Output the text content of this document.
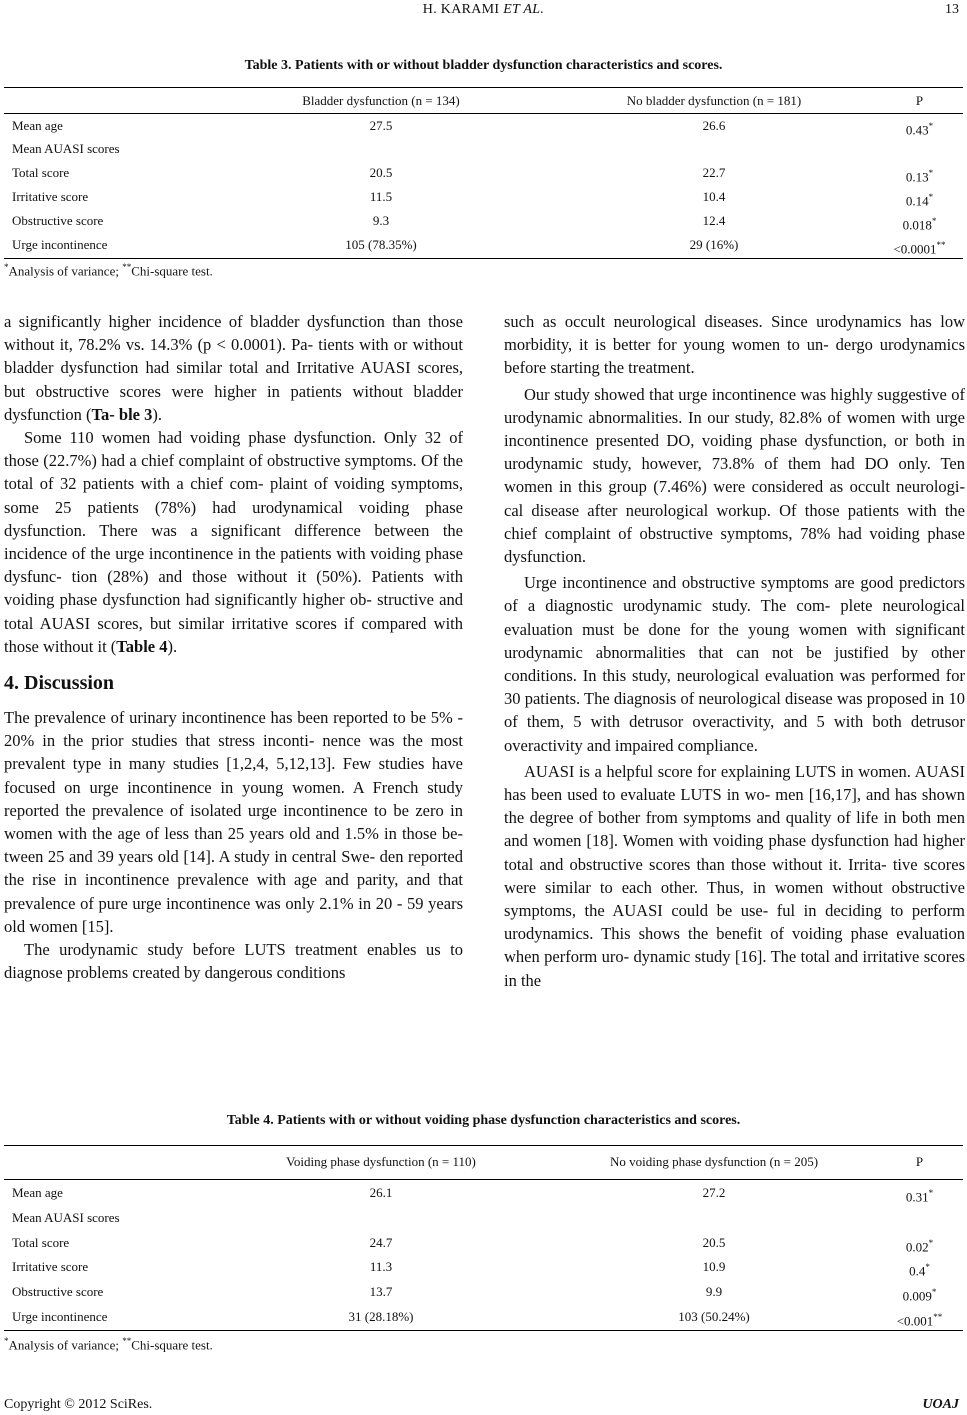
H. KARAMI ET AL.	13
Table 3. Patients with or without bladder dysfunction characteristics and scores.
Bladder dysfunction (n = 134)	No bladder dysfunction (n = 181)	P
Mean age	27.5	26.6	0.43*
Mean AUASI scores
Total score	20.5	22.7	0.13*
Irritative score	11.5	10.4	0.14*
Obstructive score	9.3	12.4	0.018*
Urge incontinence	105 (78.35%)	29 (16%)	<0.0001**
*Analysis of variance; **Chi-square test.

a significantly higher incidence of bladder dysfunction than those without it, 78.2% vs. 14.3% (p < 0.0001). Pa- tients with or without bladder dysfunction had similar total and Irritative AUASI scores, but obstructive scores were higher in patients without bladder dysfunction (Ta- ble 3).

Some 110 women had voiding phase dysfunction. Only 32 of those (22.7%) had a chief complaint of obstructive symptoms. Of the total of 32 patients with a chief com- plaint of voiding symptoms, some 25 patients (78%) had urodynamical voiding phase dysfunction. There was a significant difference between the incidence of the urge incontinence in the patients with voiding phase dysfunc- tion (28%) and those without it (50%). Patients with voiding phase dysfunction had significantly higher ob- structive and total AUASI scores, but similar irritative scores if compared with those without it (Table 4).

4. Discussion

The prevalence of urinary incontinence has been reported to be 5% - 20% in the prior studies that stress inconti- nence was the most prevalent type in many studies [1,2,4, 5,12,13]. Few studies have focused on urge incontinence in young women. A French study reported the prevalence of isolated urge incontinence to be zero in women with the age of less than 25 years old and 1.5% in those be- tween 25 and 39 years old [14]. A study in central Swe- den reported the rise in incontinence prevalence with age and parity, and that prevalence of pure urge incontinence was only 2.1% in 20 - 59 years old women [15].

The urodynamic study before LUTS treatment enables us to diagnose problems created by dangerous conditions

such as occult neurological diseases. Since urodynamics has low morbidity, it is better for young women to un- dergo urodynamics before starting the treatment.

Our study showed that urge incontinence was highly suggestive of urodynamic abnormalities. In our study, 82.8% of women with urge incontinence presented DO, voiding phase dysfunction, or both in urodynamic study, however, 73.8% of them had DO only. Ten women in this group (7.46%) were considered as occult neurologi- cal disease after neurological workup. Of those patients with the chief complaint of obstructive symptoms, 78% had voiding phase dysfunction.

Urge incontinence and obstructive symptoms are good predictors of a diagnostic urodynamic study. The com- plete neurological evaluation must be done for the young women with significant urodynamic abnormalities that can not be justified by other conditions. In this study, neurological evaluation was performed for 30 patients. The diagnosis of neurological disease was proposed in 10 of them, 5 with detrusor overactivity, and 5 with both detrusor overactivity and impaired compliance.

AUASI is a helpful score for explaining LUTS in women. AUASI has been used to evaluate LUTS in wo- men [16,17], and has shown the degree of bother from symptoms and quality of life in both men and women [18]. Women with voiding phase dysfunction had higher total and obstructive scores than those without it. Irrita- tive scores were similar to each other. Thus, in women without obstructive symptoms, the AUASI could be use- ful in deciding to perform urodynamics. This shows the benefit of voiding phase evaluation when perform uro- dynamic study [16]. The total and irritative scores in the

Table 4. Patients with or without voiding phase dysfunction characteristics and scores.
Voiding phase dysfunction (n = 110)	No voiding phase dysfunction (n = 205)	P
Mean age	26.1	27.2	0.31*
Mean AUASI scores
Total score	24.7	20.5	0.02*
Irritative score	11.3	10.9	0.4*
Obstructive score	13.7	9.9	0.009*
Urge incontinence	31 (28.18%)	103 (50.24%)	<0.001**
*Analysis of variance; **Chi-square test.
Copyright © 2012 SciRes.	UOAJ
